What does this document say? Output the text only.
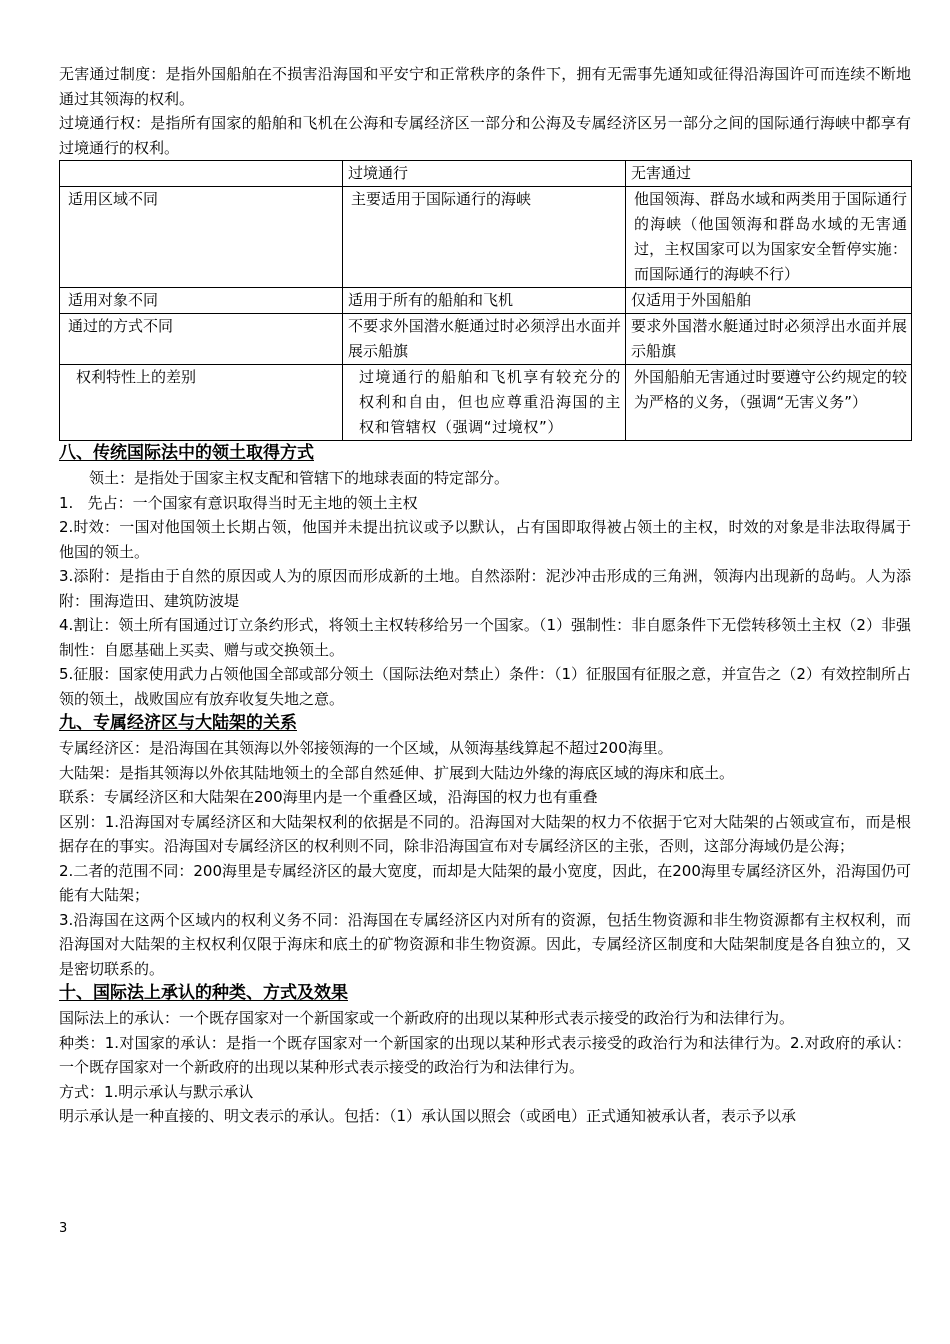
无害通过制度：是指外国船舶在不损害沿海国和平安宁和正常秩序的条件下，拥有无需事先通知或征得沿海国许可而连续不断地通过其领海的权利。

过境通行权：是指所有国家的船舶和飞机在公海和专属经济区一部分和公海及专属经济区另一部分之间的国际通行海峡中都享有过境通行的权利。

	过境通行	无害通过
适用区域不同	主要适用于国际通行的海峡	他国领海、群岛水域和两类用于国际通行的海峡（他国领海和群岛水域的无害通过，主权国家可以为国家安全暂停实施：而国际通行的海峡不行）
适用对象不同	适用于所有的船舶和飞机	仅适用于外国船舶
通过的方式不同	不要求外国潜水艇通过时必须浮出水面并展示船旗	要求外国潜水艇通过时必须浮出水面并展示船旗
权利特性上的差别	过境通行的船舶和飞机享有较充分的权利和自由，但也应尊重沿海国的主权和管辖权（强调“过境权”）	外国船舶无害通过时要遵守公约规定的较为严格的义务，（强调“无害义务”）
八、传统国际法中的领土取得方式

领土：是指处于国家主权支配和管辖下的地球表面的特定部分。

1.   先占：一个国家有意识取得当时无主地的领土主权

2.时效：一国对他国领土长期占领，他国并未提出抗议或予以默认，占有国即取得被占领土的主权，时效的对象是非法取得属于他国的领土。

3.添附：是指由于自然的原因或人为的原因而形成新的土地。自然添附：泥沙冲击形成的三角洲，领海内出现新的岛屿。人为添附：围海造田、建筑防波堤

4.割让：领土所有国通过订立条约形式，将领土主权转移给另一个国家。（1）强制性：非自愿条件下无偿转移领土主权（2）非强制性：自愿基础上买卖、赠与或交换领土。

5.征服：国家使用武力占领他国全部或部分领土（国际法绝对禁止）条件：（1）征服国有征服之意，并宣告之（2）有效控制所占领的领土，战败国应有放弃收复失地之意。

九、专属经济区与大陆架的关系

专属经济区：是沿海国在其领海以外邻接领海的一个区域，从领海基线算起不超过200海里。

大陆架：是指其领海以外依其陆地领土的全部自然延伸、扩展到大陆边外缘的海底区域的海床和底土。

联系：专属经济区和大陆架在200海里内是一个重叠区域，沿海国的权力也有重叠

区别：1.沿海国对专属经济区和大陆架权利的依据是不同的。沿海国对大陆架的权力不依据于它对大陆架的占领或宣布，而是根据存在的事实。沿海国对专属经济区的权利则不同，除非沿海国宣布对专属经济区的主张，否则，这部分海域仍是公海；

2.二者的范围不同：200海里是专属经济区的最大宽度，而却是大陆架的最小宽度，因此，在200海里专属经济区外，沿海国仍可能有大陆架；

3.沿海国在这两个区域内的权利义务不同：沿海国在专属经济区内对所有的资源，包括生物资源和非生物资源都有主权权利，而沿海国对大陆架的主权权利仅限于海床和底土的矿物资源和非生物资源。因此，专属经济区制度和大陆架制度是各自独立的，又是密切联系的。

十、国际法上承认的种类、方式及效果

国际法上的承认：一个既存国家对一个新国家或一个新政府的出现以某种形式表示接受的政治行为和法律行为。

种类：1.对国家的承认：是指一个既存国家对一个新国家的出现以某种形式表示接受的政治行为和法律行为。2.对政府的承认：一个既存国家对一个新政府的出现以某种形式表示接受的政治行为和法律行为。

方式：1.明示承认与默示承认

明示承认是一种直接的、明文表示的承认。包括：（1）承认国以照会（或函电）正式通知被承认者，表示予以承

3
